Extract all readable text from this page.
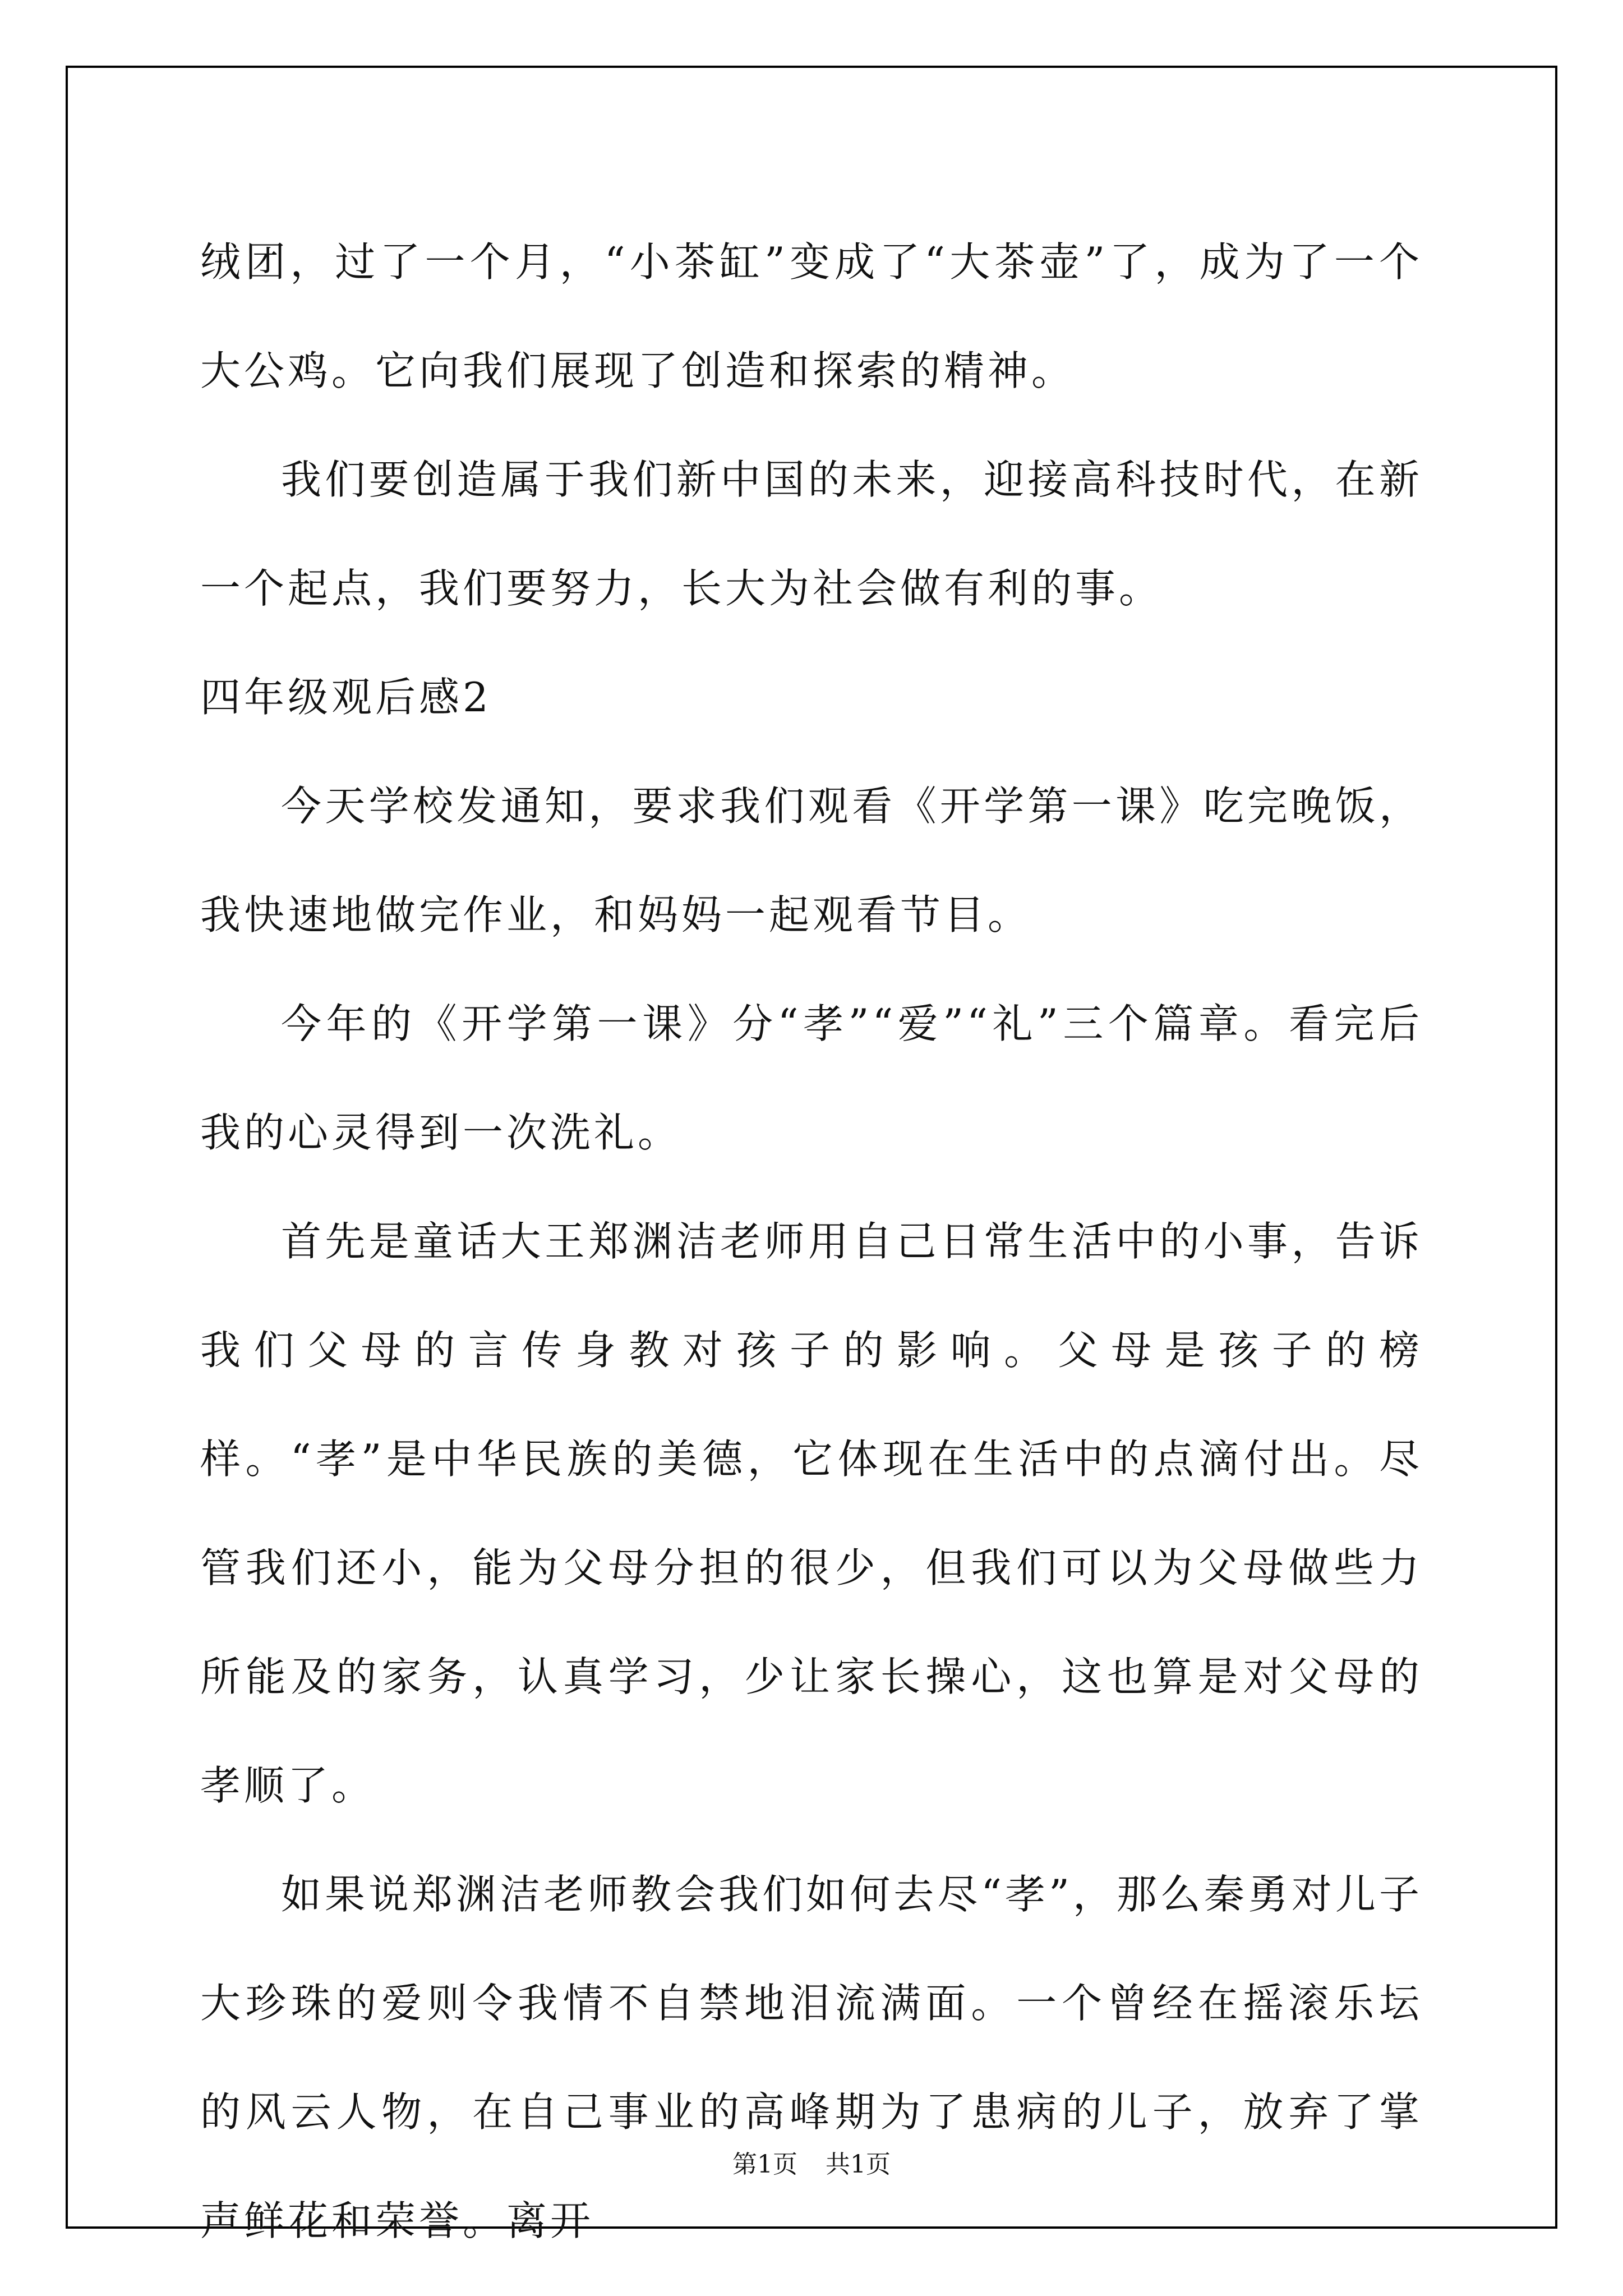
绒团，过了一个月，“小茶缸”变成了“大茶壶”了，成为了一个大公鸡。它向我们展现了创造和探索的精神。

我们要创造属于我们新中国的未来，迎接高科技时代，在新一个起点，我们要努力，长大为社会做有利的事。

四年级观后感2

今天学校发通知，要求我们观看《开学第一课》吃完晚饭，我快速地做完作业，和妈妈一起观看节目。

今年的《开学第一课》分“孝”“爱”“礼”三个篇章。看完后我的心灵得到一次洗礼。

首先是童话大王郑渊洁老师用自己日常生活中的小事，告诉我们父母的言传身教对孩子的影响。父母是孩子的榜样。“孝”是中华民族的美德，它体现在生活中的点滴付出。尽管我们还小，能为父母分担的很少，但我们可以为父母做些力所能及的家务，认真学习，少让家长操心，这也算是对父母的孝顺了。

如果说郑渊洁老师教会我们如何去尽“孝”，那么秦勇对儿子大珍珠的爱则令我情不自禁地泪流满面。一个曾经在摇滚乐坛的风云人物，在自己事业的高峰期为了患病的儿子，放弃了掌声鲜花和荣誉。离开

第1页 共1页
